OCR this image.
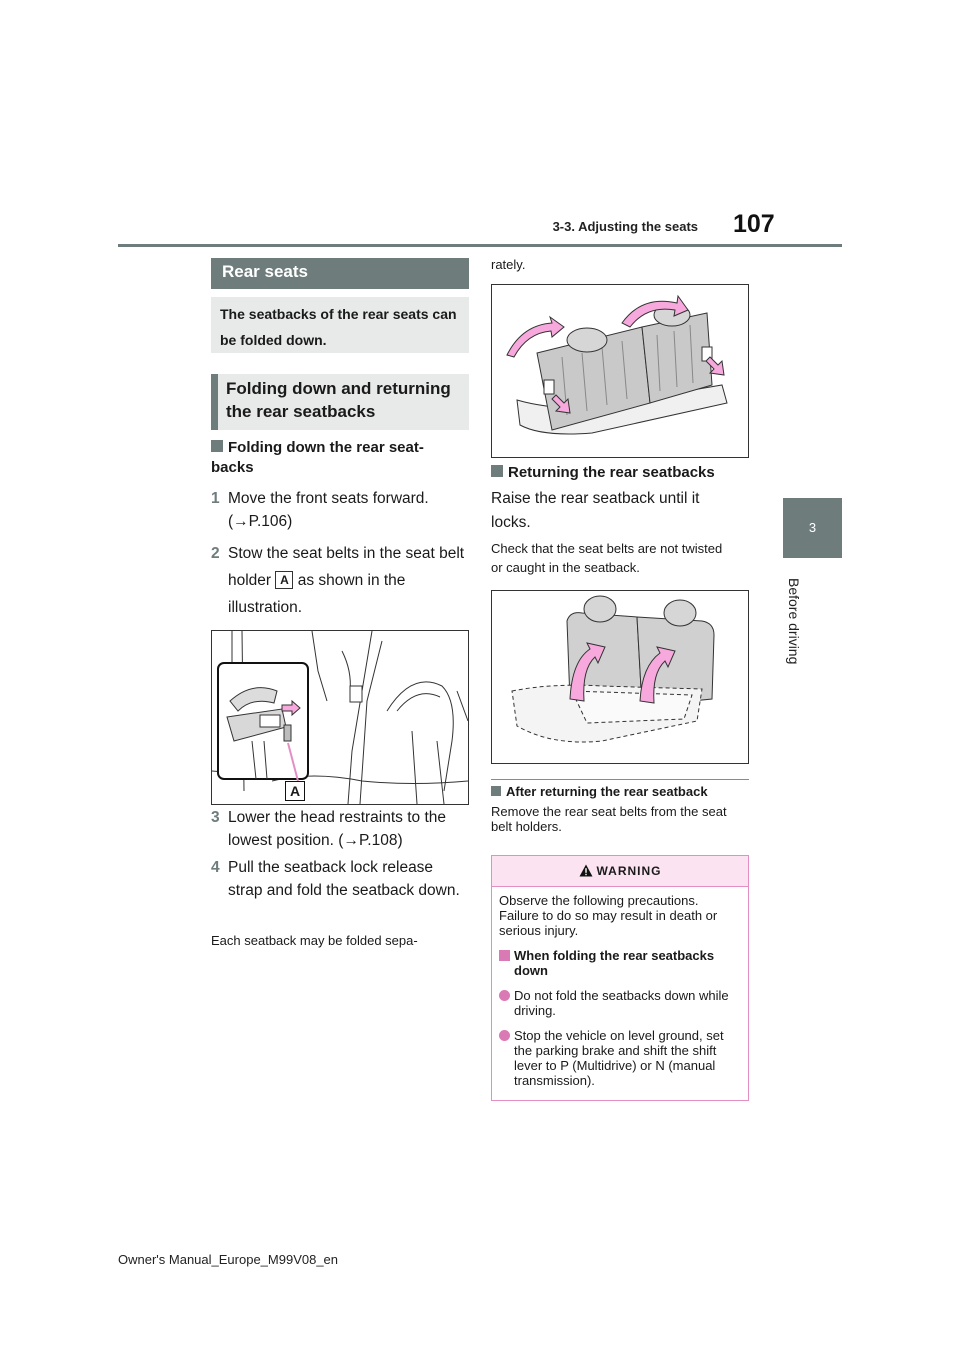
3-3. Adjusting the seats 107
3
Before driving
Rear seats
The seatbacks of the rear seats can be folded down.
Folding down and returning the rear seatbacks
Folding down the rear seat-backs
1 Move the front seats forward. (→P.106)
2 Stow the seat belts in the seat belt holder A as shown in the illustration.
A
3 Lower the head restraints to the lowest position. (→P.108)
4 Pull the seatback lock release strap and fold the seatback down.
Each seatback may be folded sepa-
rately.
Returning the rear seatbacks
Raise the rear seatback until it locks.
Check that the seat belts are not twisted or caught in the seatback.
After returning the rear seatback
Remove the rear seat belts from the seat belt holders.
WARNING

Observe the following precautions. Failure to do so may result in death or serious injury.

When folding the rear seatbacks down

Do not fold the seatbacks down while driving.

Stop the vehicle on level ground, set the parking brake and shift the shift lever to P (Multidrive) or N (manual transmission).

Owner's Manual_Europe_M99V08_en
